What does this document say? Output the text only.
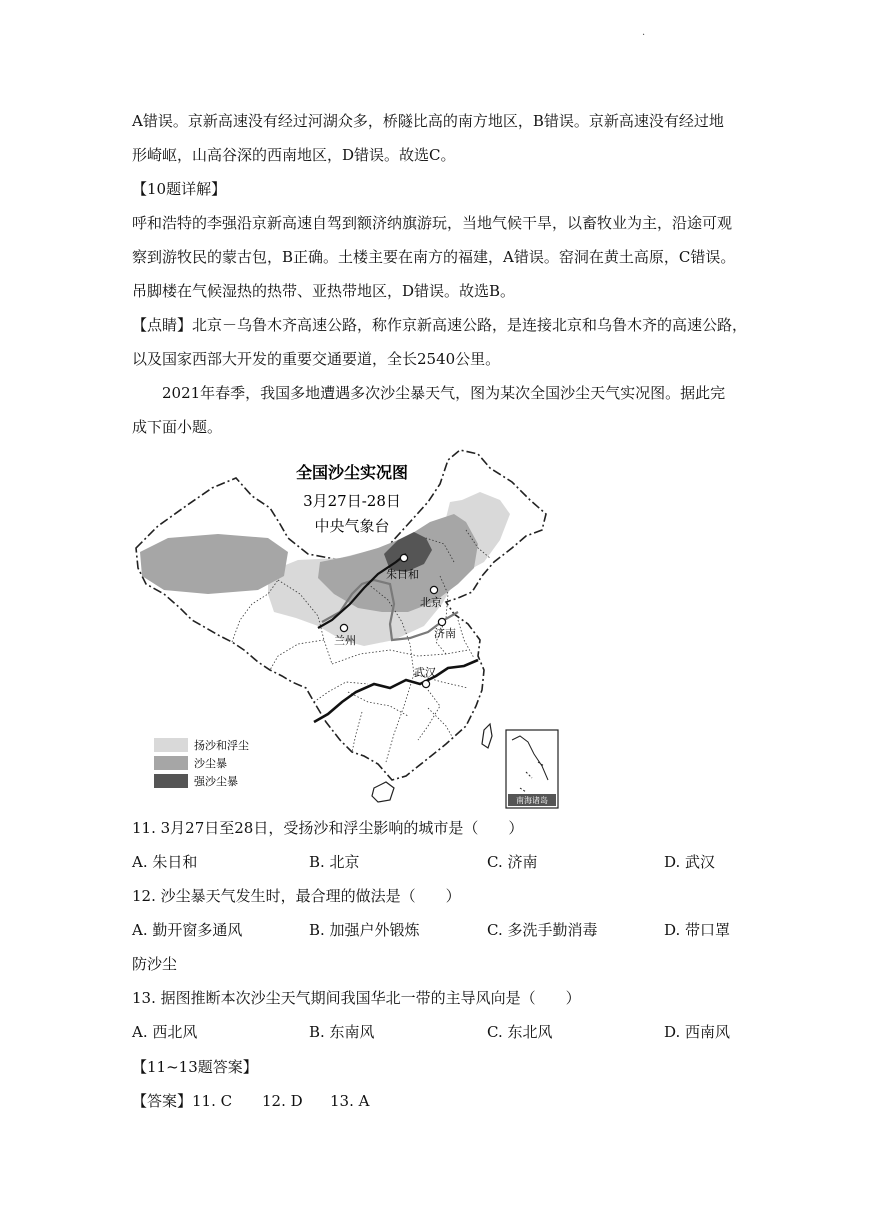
·
A错误。京新高速没有经过河湖众多，桥隧比高的南方地区，B错误。京新高速没有经过地
形崎岖，山高谷深的西南地区，D错误。故选C。
【10题详解】
呼和浩特的李强沿京新高速自驾到额济纳旗游玩，当地气候干旱，以畜牧业为主，沿途可观
察到游牧民的蒙古包，B正确。土楼主要在南方的福建，A错误。窑洞在黄土高原，C错误。
吊脚楼在气候湿热的热带、亚热带地区，D错误。故选B。
【点睛】北京－乌鲁木齐高速公路，称作京新高速公路，是连接北京和乌鲁木齐的高速公路，
以及国家西部大开发的重要交通要道，全长2540公里。
2021年春季，我国多地遭遇多次沙尘暴天气，图为某次全国沙尘天气实况图。据此完
成下面小题。
全国沙尘实况图
3月27日-28日
中央气象台
朱日和
北京
兰州
济南
武汉
扬沙和浮尘
沙尘暴
强沙尘暴
南海诸岛
11. 3月27日至28日，受扬沙和浮尘影响的城市是（　　）
A. 朱日和	B. 北京	C. 济南	D. 武汉
12. 沙尘暴天气发生时，最合理的做法是（　　）
A. 勤开窗多通风	B. 加强户外锻炼	C. 多洗手勤消毒	D. 带口罩
防沙尘
13. 据图推断本次沙尘天气期间我国华北一带的主导风向是（　　）
A. 西北风	B. 东南风	C. 东北风	D. 西南风
【11~13题答案】
【答案】 11. C 12. D 13. A
